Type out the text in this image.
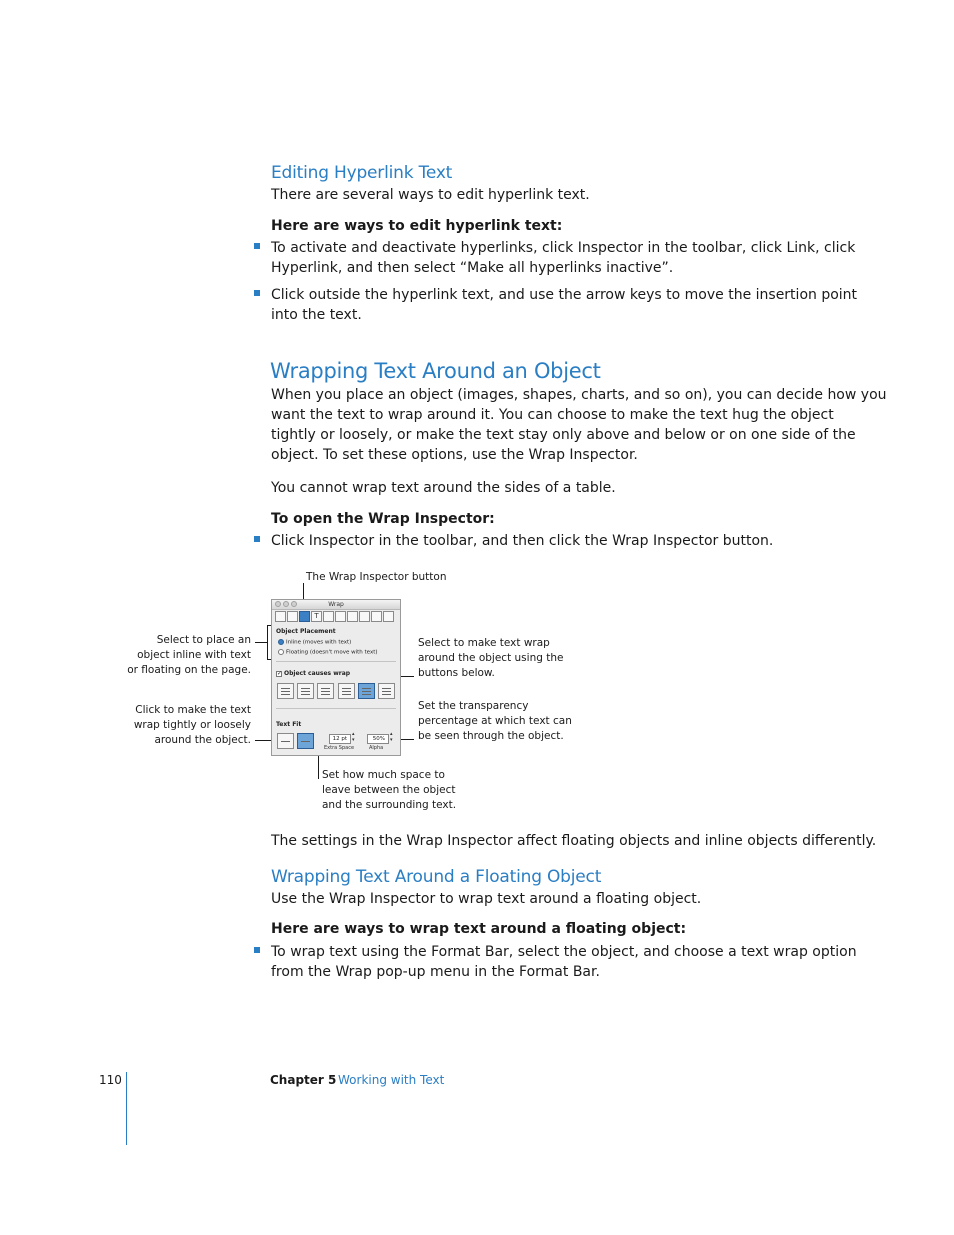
Editing Hyperlink Text
There are several ways to edit hyperlink text.
Here are ways to edit hyperlink text:
To activate and deactivate hyperlinks, click Inspector in the toolbar, click Link, click
Hyperlink, and then select “Make all hyperlinks inactive”.
Click outside the hyperlink text, and use the arrow keys to move the insertion point
into the text.
Wrapping Text Around an Object
When you place an object (images, shapes, charts, and so on), you can decide how you
want the text to wrap around it. You can choose to make the text hug the object
tightly or loosely, or make the text stay only above and below or on one side of the
object. To set these options, use the Wrap Inspector.
You cannot wrap text around the sides of a table.
To open the Wrap Inspector:
Click Inspector in the toolbar, and then click the Wrap Inspector button.
The Wrap Inspector button
Select to place an
object inline with text
or floating on the page.
Click to make the text
wrap tightly or loosely
around the object.
Select to make text wrap
around the object using the
buttons below.
Set the transparency
percentage at which text can
be seen through the object.
Set how much space to
leave between the object
and the surrounding text.
Wrap
T
Object Placement
Inline (moves with text)
Floating (doesn't move with text)
✓ Object causes wrap
Text Fit
12 pt
▴
▾
Extra Space
50%
▴
▾
Alpha
The settings in the Wrap Inspector affect floating objects and inline objects differently.
Wrapping Text Around a Floating Object
Use the Wrap Inspector to wrap text around a floating object.
Here are ways to wrap text around a floating object:
To wrap text using the Format Bar, select the object, and choose a text wrap option
from the Wrap pop-up menu in the Format Bar.
110	Chapter 5 Working with Text
